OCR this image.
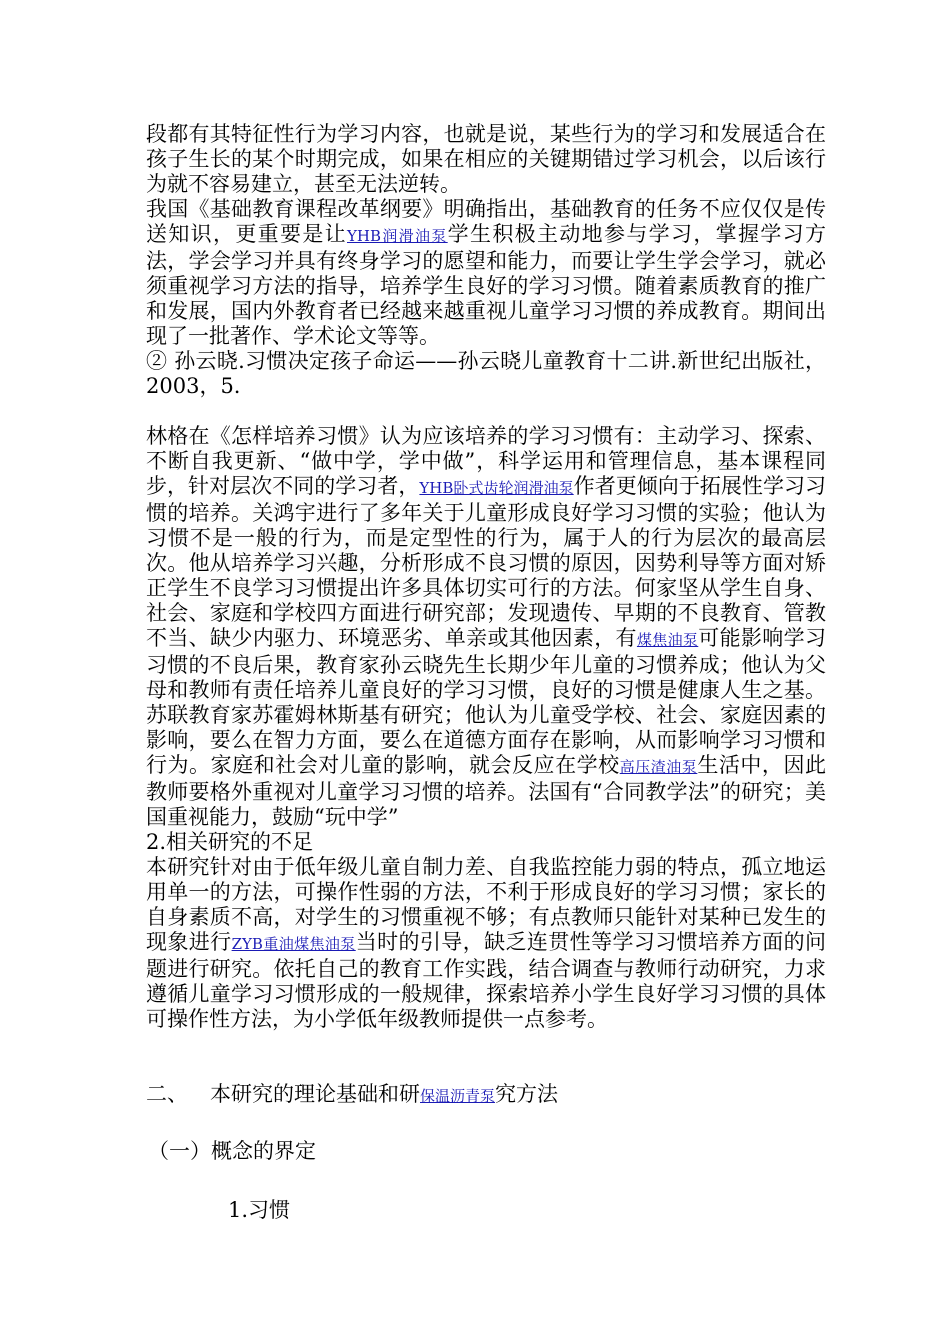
段都有其特征性行为学习内容，也就是说，某些行为的学习和发展适合在孩子生长的某个时期完成，如果在相应的关键期错过学习机会，以后该行为就不容易建立，甚至无法逆转。

我国《基础教育课程改革纲要》明确指出，基础教育的任务不应仅仅是传送知识，更重要是让YHB润滑油泵学生积极主动地参与学习，掌握学习方法，学会学习并具有终身学习的愿望和能力，而要让学生学会学习，就必须重视学习方法的指导，培养学生良好的学习习惯。随着素质教育的推广和发展，国内外教育者已经越来越重视儿童学习习惯的养成教育。期间出现了一批著作、学术论文等等。

② 孙云晓.习惯决定孩子命运——孙云晓儿童教育十二讲.新世纪出版社，2003，5.

林格在《怎样培养习惯》认为应该培养的学习习惯有：主动学习、探索、不断自我更新、“做中学，学中做”，科学运用和管理信息，基本课程同步，针对层次不同的学习者，YHB卧式齿轮润滑油泵作者更倾向于拓展性学习习惯的培养。关鸿宇进行了多年关于儿童形成良好学习习惯的实验；他认为习惯不是一般的行为，而是定型性的行为，属于人的行为层次的最高层次。他从培养学习兴趣，分析形成不良习惯的原因，因势利导等方面对矫正学生不良学习习惯提出许多具体切实可行的方法。何家坚从学生自身、社会、家庭和学校四方面进行研究部；发现遗传、早期的不良教育、管教不当、缺少内驱力、环境恶劣、单亲或其他因素，有煤焦油泵可能影响学习习惯的不良后果，教育家孙云晓先生长期少年儿童的习惯养成；他认为父母和教师有责任培养儿童良好的学习习惯，良好的习惯是健康人生之基。苏联教育家苏霍姆林斯基有研究；他认为儿童受学校、社会、家庭因素的影响，要么在智力方面，要么在道德方面存在影响，从而影响学习习惯和行为。家庭和社会对儿童的影响，就会反应在学校高压渣油泵生活中，因此教师要格外重视对儿童学习习惯的培养。法国有“合同教学法”的研究；美国重视能力，鼓励“玩中学”

2.相关研究的不足

本研究针对由于低年级儿童自制力差、自我监控能力弱的特点，孤立地运用单一的方法，可操作性弱的方法，不利于形成良好的学习习惯；家长的自身素质不高，对学生的习惯重视不够；有点教师只能针对某种已发生的现象进行ZYB重油煤焦油泵当时的引导，缺乏连贯性等学习习惯培养方面的问题进行研究。依托自己的教育工作实践，结合调查与教师行动研究，力求遵循儿童学习习惯形成的一般规律，探索培养小学生良好学习习惯的具体可操作性方法，为小学低年级教师提供一点参考。

二、 本研究的理论基础和研保温沥青泵究方法

（一）概念的界定

1.习惯
